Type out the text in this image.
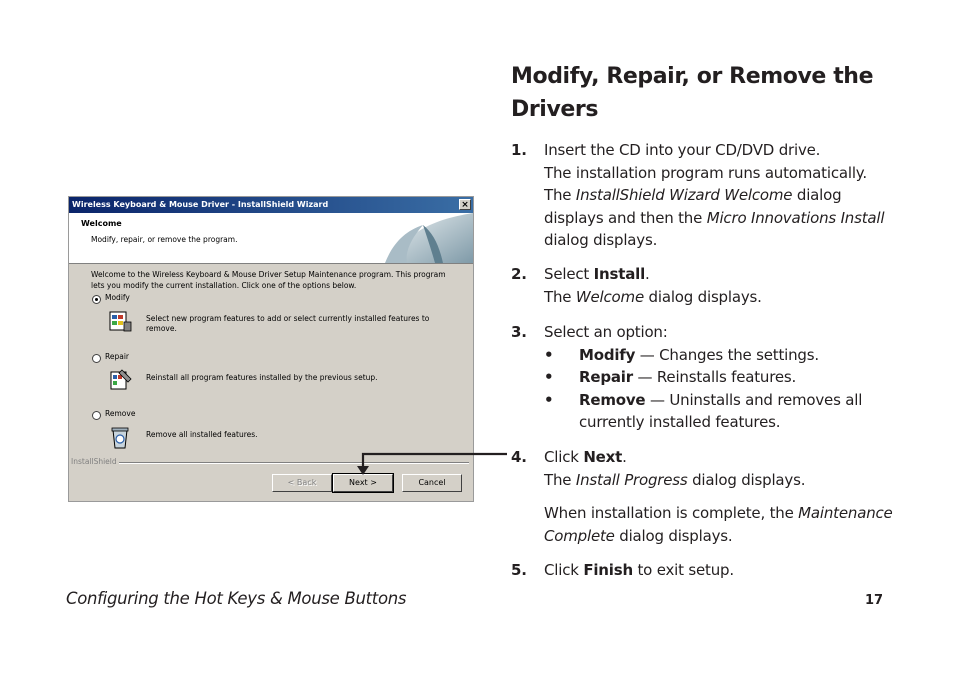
Wireless Keyboard & Mouse Driver - InstallShield Wizard	×
Welcome
Modify, repair, or remove the program.
Welcome to the Wireless Keyboard & Mouse Driver Setup Maintenance program. This program lets you modify the current installation. Click one of the options below.
Modify
Select new program features to add or select currently installed features to remove.
Repair
Reinstall all program features installed by the previous setup.
Remove
Remove all installed features.
InstallShield
< Back	Next >	Cancel
Modify, Repair, or Remove the Drivers
1. Insert the CD into your CD/DVD drive.
The installation program runs automatically.
The InstallShield Wizard Welcome dialog displays and then the Micro Innovations Install dialog displays.
2. Select Install.
The Welcome dialog displays.
3. Select an option:
• Modify — Changes the settings.
• Repair — Reinstalls features.
• Remove — Uninstalls and removes all currently installed features.
4. Click Next.
The Install Progress dialog displays.
When installation is complete, the Maintenance Complete dialog displays.
5. Click Finish to exit setup.
Configuring the Hot Keys & Mouse Buttons	17
